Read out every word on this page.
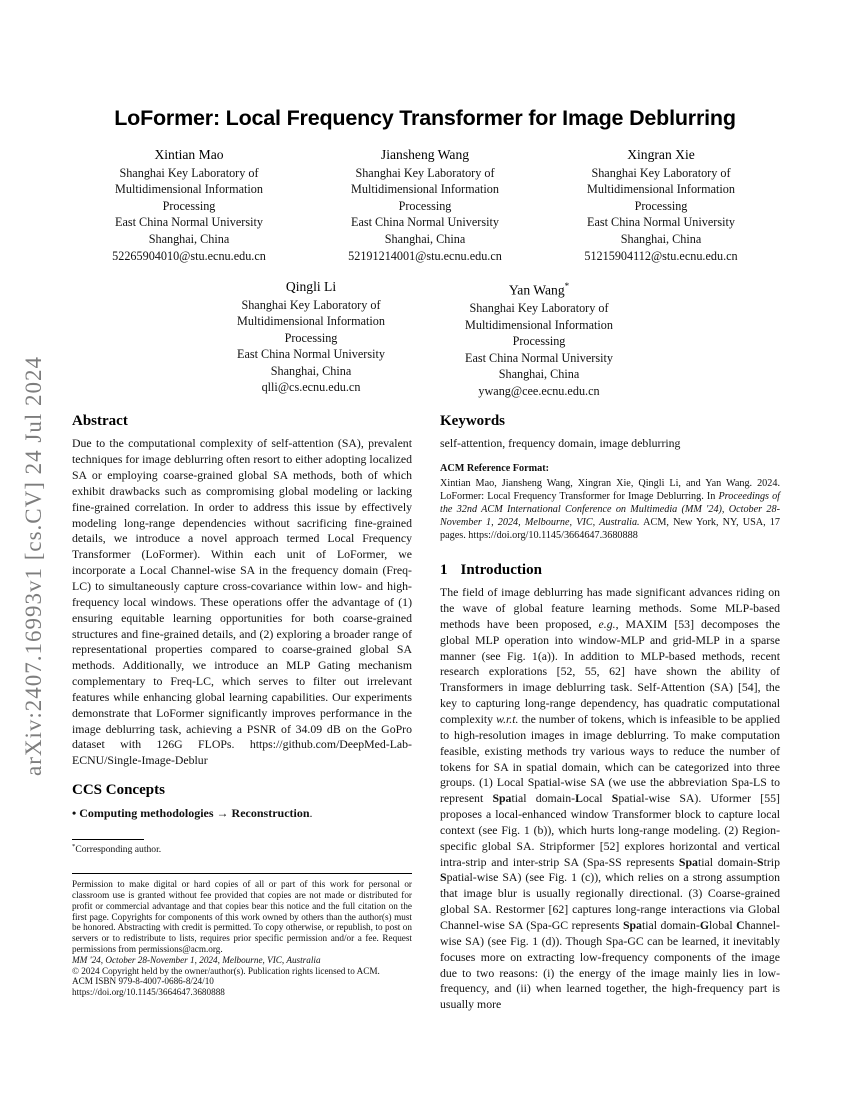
arXiv:2407.16993v1 [cs.CV] 24 Jul 2024
LoFormer: Local Frequency Transformer for Image Deblurring
Xintian Mao
Shanghai Key Laboratory of
Multidimensional Information
Processing
East China Normal University
Shanghai, China
52265904010@stu.ecnu.edu.cn
Jiansheng Wang
Shanghai Key Laboratory of
Multidimensional Information
Processing
East China Normal University
Shanghai, China
52191214001@stu.ecnu.edu.cn
Xingran Xie
Shanghai Key Laboratory of
Multidimensional Information
Processing
East China Normal University
Shanghai, China
51215904112@stu.ecnu.edu.cn
Qingli Li
Shanghai Key Laboratory of
Multidimensional Information
Processing
East China Normal University
Shanghai, China
qlli@cs.ecnu.edu.cn
Yan Wang*
Shanghai Key Laboratory of
Multidimensional Information
Processing
East China Normal University
Shanghai, China
ywang@cee.ecnu.edu.cn
Abstract

Due to the computational complexity of self-attention (SA), prevalent techniques for image deblurring often resort to either adopting localized SA or employing coarse-grained global SA methods, both of which exhibit drawbacks such as compromising global modeling or lacking fine-grained correlation. In order to address this issue by effectively modeling long-range dependencies without sacrificing fine-grained details, we introduce a novel approach termed Local Frequency Transformer (LoFormer). Within each unit of LoFormer, we incorporate a Local Channel-wise SA in the frequency domain (Freq-LC) to simultaneously capture cross-covariance within low- and high-frequency local windows. These operations offer the advantage of (1) ensuring equitable learning opportunities for both coarse-grained structures and fine-grained details, and (2) exploring a broader range of representational properties compared to coarse-grained global SA methods. Additionally, we introduce an MLP Gating mechanism complementary to Freq-LC, which serves to filter out irrelevant features while enhancing global learning capabilities. Our experiments demonstrate that LoFormer significantly improves performance in the image deblurring task, achieving a PSNR of 34.09 dB on the GoPro dataset with 126G FLOPs. https://github.com/DeepMed-Lab-ECNU/Single-Image-Deblur

CCS Concepts

• Computing methodologies → Reconstruction.

*Corresponding author.

Permission to make digital or hard copies of all or part of this work for personal or classroom use is granted without fee provided that copies are not made or distributed for profit or commercial advantage and that copies bear this notice and the full citation on the first page. Copyrights for components of this work owned by others than the author(s) must be honored. Abstracting with credit is permitted. To copy otherwise, or republish, to post on servers or to redistribute to lists, requires prior specific permission and/or a fee. Request permissions from permissions@acm.org.

MM '24, October 28-November 1, 2024, Melbourne, VIC, Australia

© 2024 Copyright held by the owner/author(s). Publication rights licensed to ACM.

ACM ISBN 979-8-4007-0686-8/24/10

https://doi.org/10.1145/3664647.3680888

Keywords

self-attention, frequency domain, image deblurring

ACM Reference Format:

Xintian Mao, Jiansheng Wang, Xingran Xie, Qingli Li, and Yan Wang. 2024. LoFormer: Local Frequency Transformer for Image Deblurring. In Proceedings of the 32nd ACM International Conference on Multimedia (MM '24), October 28-November 1, 2024, Melbourne, VIC, Australia. ACM, New York, NY, USA, 17 pages. https://doi.org/10.1145/3664647.3680888

1 Introduction

The field of image deblurring has made significant advances riding on the wave of global feature learning methods. Some MLP-based methods have been proposed, e.g., MAXIM [53] decomposes the global MLP operation into window-MLP and grid-MLP in a sparse manner (see Fig. 1(a)). In addition to MLP-based methods, recent research explorations [52, 55, 62] have shown the ability of Transformers in image deblurring task. Self-Attention (SA) [54], the key to capturing long-range dependency, has quadratic computational complexity w.r.t. the number of tokens, which is infeasible to be applied to high-resolution images in image deblurring. To make computation feasible, existing methods try various ways to reduce the number of tokens for SA in spatial domain, which can be categorized into three groups. (1) Local Spatial-wise SA (we use the abbreviation Spa-LS to represent Spatial domain-Local Spatial-wise SA). Uformer [55] proposes a local-enhanced window Transformer block to capture local context (see Fig. 1 (b)), which hurts long-range modeling. (2) Region-specific global SA. Stripformer [52] explores horizontal and vertical intra-strip and inter-strip SA (Spa-SS represents Spatial domain-Strip Spatial-wise SA) (see Fig. 1 (c)), which relies on a strong assumption that image blur is usually regionally directional. (3) Coarse-grained global SA. Restormer [62] captures long-range interactions via Global Channel-wise SA (Spa-GC represents Spatial domain-Global Channel-wise SA) (see Fig. 1 (d)). Though Spa-GC can be learned, it inevitably focuses more on extracting low-frequency components of the image due to two reasons: (i) the energy of the image mainly lies in low-frequency, and (ii) when learned together, the high-frequency part is usually more
